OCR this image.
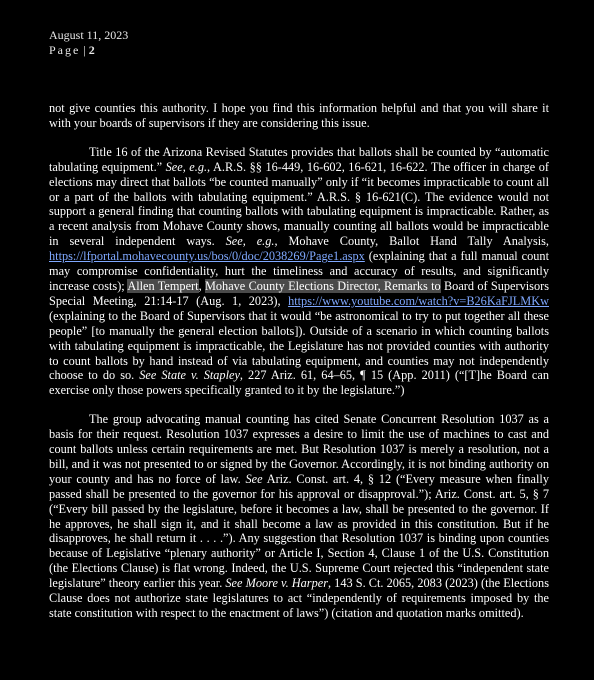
August 11, 2023
Page | 2

not give counties this authority. I hope you find this information helpful and that you will share it with your boards of supervisors if they are considering this issue.

Title 16 of the Arizona Revised Statutes provides that ballots shall be counted by “automatic tabulating equipment.” See, e.g., A.R.S. §§ 16-449, 16-602, 16-621, 16-622. The officer in charge of elections may direct that ballots “be counted manually” only if “it becomes impracticable to count all or a part of the ballots with tabulating equipment.” A.R.S. § 16-621(C). The evidence would not support a general finding that counting ballots with tabulating equipment is impracticable. Rather, as a recent analysis from Mohave County shows, manually counting all ballots would be impracticable in several independent ways. See, e.g., Mohave County, Ballot Hand Tally Analysis, https://lfportal.mohavecounty.us/bos/0/doc/2038269/Page1.aspx (explaining that a full manual count may compromise confidentiality, hurt the timeliness and accuracy of results, and significantly increase costs); Allen Tempert, Mohave County Elections Director, Remarks to Board of Supervisors Special Meeting, 21:14-17 (Aug. 1, 2023), https://www.youtube.com/watch?v=B26KaFJLMKw (explaining to the Board of Supervisors that it would “be astronomical to try to put together all these people” [to manually the general election ballots]). Outside of a scenario in which counting ballots with tabulating equipment is impracticable, the Legislature has not provided counties with authority to count ballots by hand instead of via tabulating equipment, and counties may not independently choose to do so. See State v. Stapley, 227 Ariz. 61, 64–65, ¶ 15 (App. 2011) (“[T]he Board can exercise only those powers specifically granted to it by the legislature.”)

The group advocating manual counting has cited Senate Concurrent Resolution 1037 as a basis for their request. Resolution 1037 expresses a desire to limit the use of machines to cast and count ballots unless certain requirements are met. But Resolution 1037 is merely a resolution, not a bill, and it was not presented to or signed by the Governor. Accordingly, it is not binding authority on your county and has no force of law. See Ariz. Const. art. 4, § 12 (“Every measure when finally passed shall be presented to the governor for his approval or disapproval.”); Ariz. Const. art. 5, § 7 (“Every bill passed by the legislature, before it becomes a law, shall be presented to the governor. If he approves, he shall sign it, and it shall become a law as provided in this constitution. But if he disapproves, he shall return it . . . .”). Any suggestion that Resolution 1037 is binding upon counties because of Legislative “plenary authority” or Article I, Section 4, Clause 1 of the U.S. Constitution (the Elections Clause) is flat wrong. Indeed, the U.S. Supreme Court rejected this “independent state legislature” theory earlier this year. See Moore v. Harper, 143 S. Ct. 2065, 2083 (2023) (the Elections Clause does not authorize state legislatures to act “independently of requirements imposed by the state constitution with respect to the enactment of laws”) (citation and quotation marks omitted).
